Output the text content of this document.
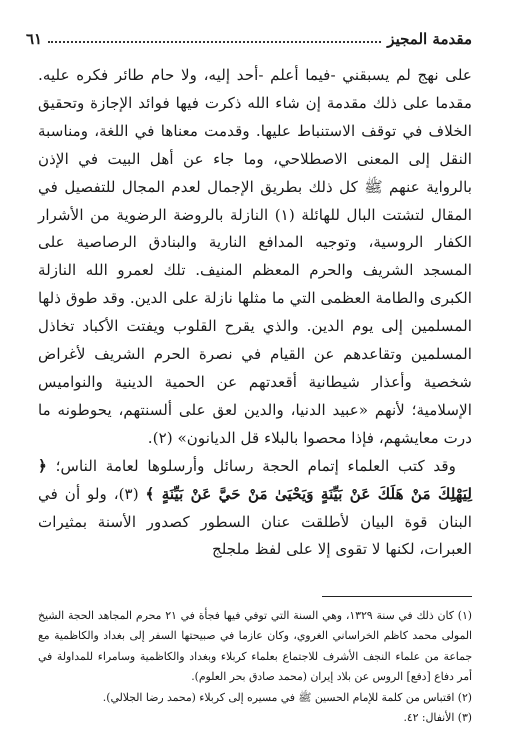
مقدمة المجيز
٦١

على نهج لم يسبقني -فيما أعلم -أحد إليه، ولا حام طائر فكره عليه. مقدما على ذلك مقدمة إن شاء الله ذكرت فيها فوائد الإجازة وتحقيق الخلاف في توقف الاستنباط عليها. وقدمت معناها في اللغة، ومناسبة النقل إلى المعنى الاصطلاحي، وما جاء عن أهل البيت في الإذن بالرواية عنهم ﷺ كل ذلك بطريق الإجمال لعدم المجال للتفصيل في المقال لتشتت البال للهائلة (١) النازلة بالروضة الرضوية من الأشرار الكفار الروسية، وتوجيه المدافع النارية والبنادق الرصاصية على المسجد الشريف والحرم المعظم المنيف. تلك لعمرو الله النازلة الكبرى والطامة العظمى التي ما مثلها نازلة على الدين. وقد طوق ذلها المسلمين إلى يوم الدين. والذي يقرح القلوب ويفتت الأكباد تخاذل المسلمين وتقاعدهم عن القيام في نصرة الحرم الشريف لأغراض شخصية وأعذار شيطانية أقعدتهم عن الحمية الدينية والنواميس الإسلامية؛ لأنهم «عبيد الدنيا، والدين لعق على ألسنتهم، يحوطونه ما درت معايشهم، فإذا محصوا بالبلاء قل الديانون» (٢).

وقد كتب العلماء إتمام الحجة رسائل وأرسلوها لعامة الناس؛ ﴿ لِيَهْلِكَ مَنْ هَلَكَ عَنْ بَيِّنَةٍ وَيَحْيَىٰ مَنْ حَيَّ عَنْ بَيِّنَةٍ ﴾ (٣)، ولو أن في البنان قوة البيان لأطلقت عنان السطور كصدور الأسنة بمثيرات العبرات، لكنها لا تقوى إلا على لفظ ملجلج

(١) كان ذلك في سنة ١٣٢٩، وهي السنة التي توفي فيها فجأة في ٢١ محرم المجاهد الحجة الشيخ المولى محمد كاظم الخراساني الغروي، وكان عازما في صبيحتها السفر إلى بغداد والكاظمية مع جماعة من علماء النجف الأشرف للاجتماع بعلماء كربلاء وبغداد والكاظمية وسامراء للمداولة في أمر دفاع [دفع] الروس عن بلاد إيران (محمد صادق بحر العلوم).

(٢) اقتباس من كلمة للإمام الحسين ﷺ في مسيره إلى كربلاء (محمد رضا الجلالي).

(٣) الأنفال: ٤٢.
